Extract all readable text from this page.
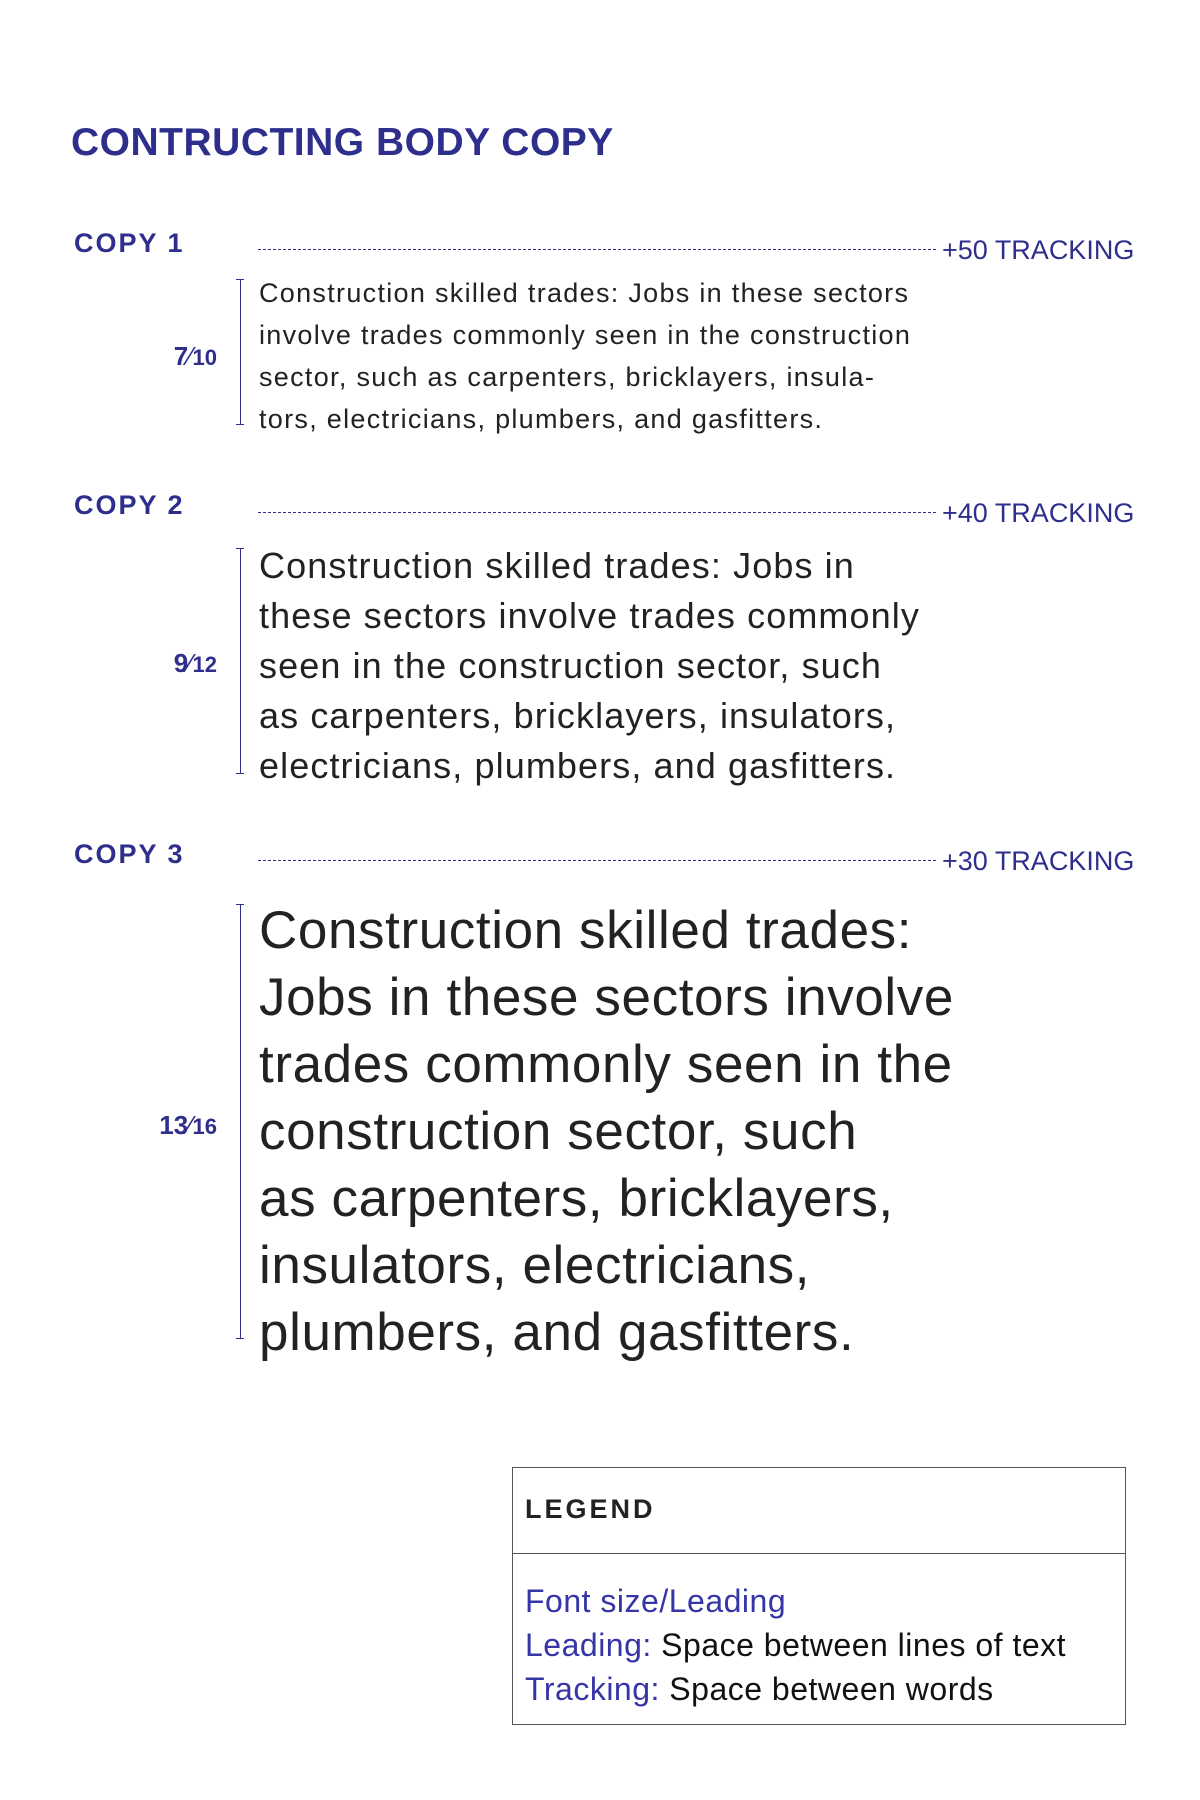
CONTRUCTING BODY COPY
COPY 1	+50 TRACKING
7⁄10
Construction skilled trades: Jobs in these sectors
involve trades commonly seen in the construction
sector, such as carpenters, bricklayers, insula-
tors, electricians, plumbers, and gasfitters.
COPY 2	+40 TRACKING
9⁄12
Construction skilled trades: Jobs in
these sectors involve trades commonly
seen in the construction sector, such
as carpenters, bricklayers, insulators,
electricians, plumbers, and gasfitters.
COPY 3	+30 TRACKING
13⁄16
Construction skilled trades:
Jobs in these sectors involve
trades commonly seen in the
construction sector, such
as carpenters, bricklayers,
insulators, electricians,
plumbers, and gasfitters.
LEGEND
Font size/Leading
Leading: Space between lines of text
Tracking: Space between words
